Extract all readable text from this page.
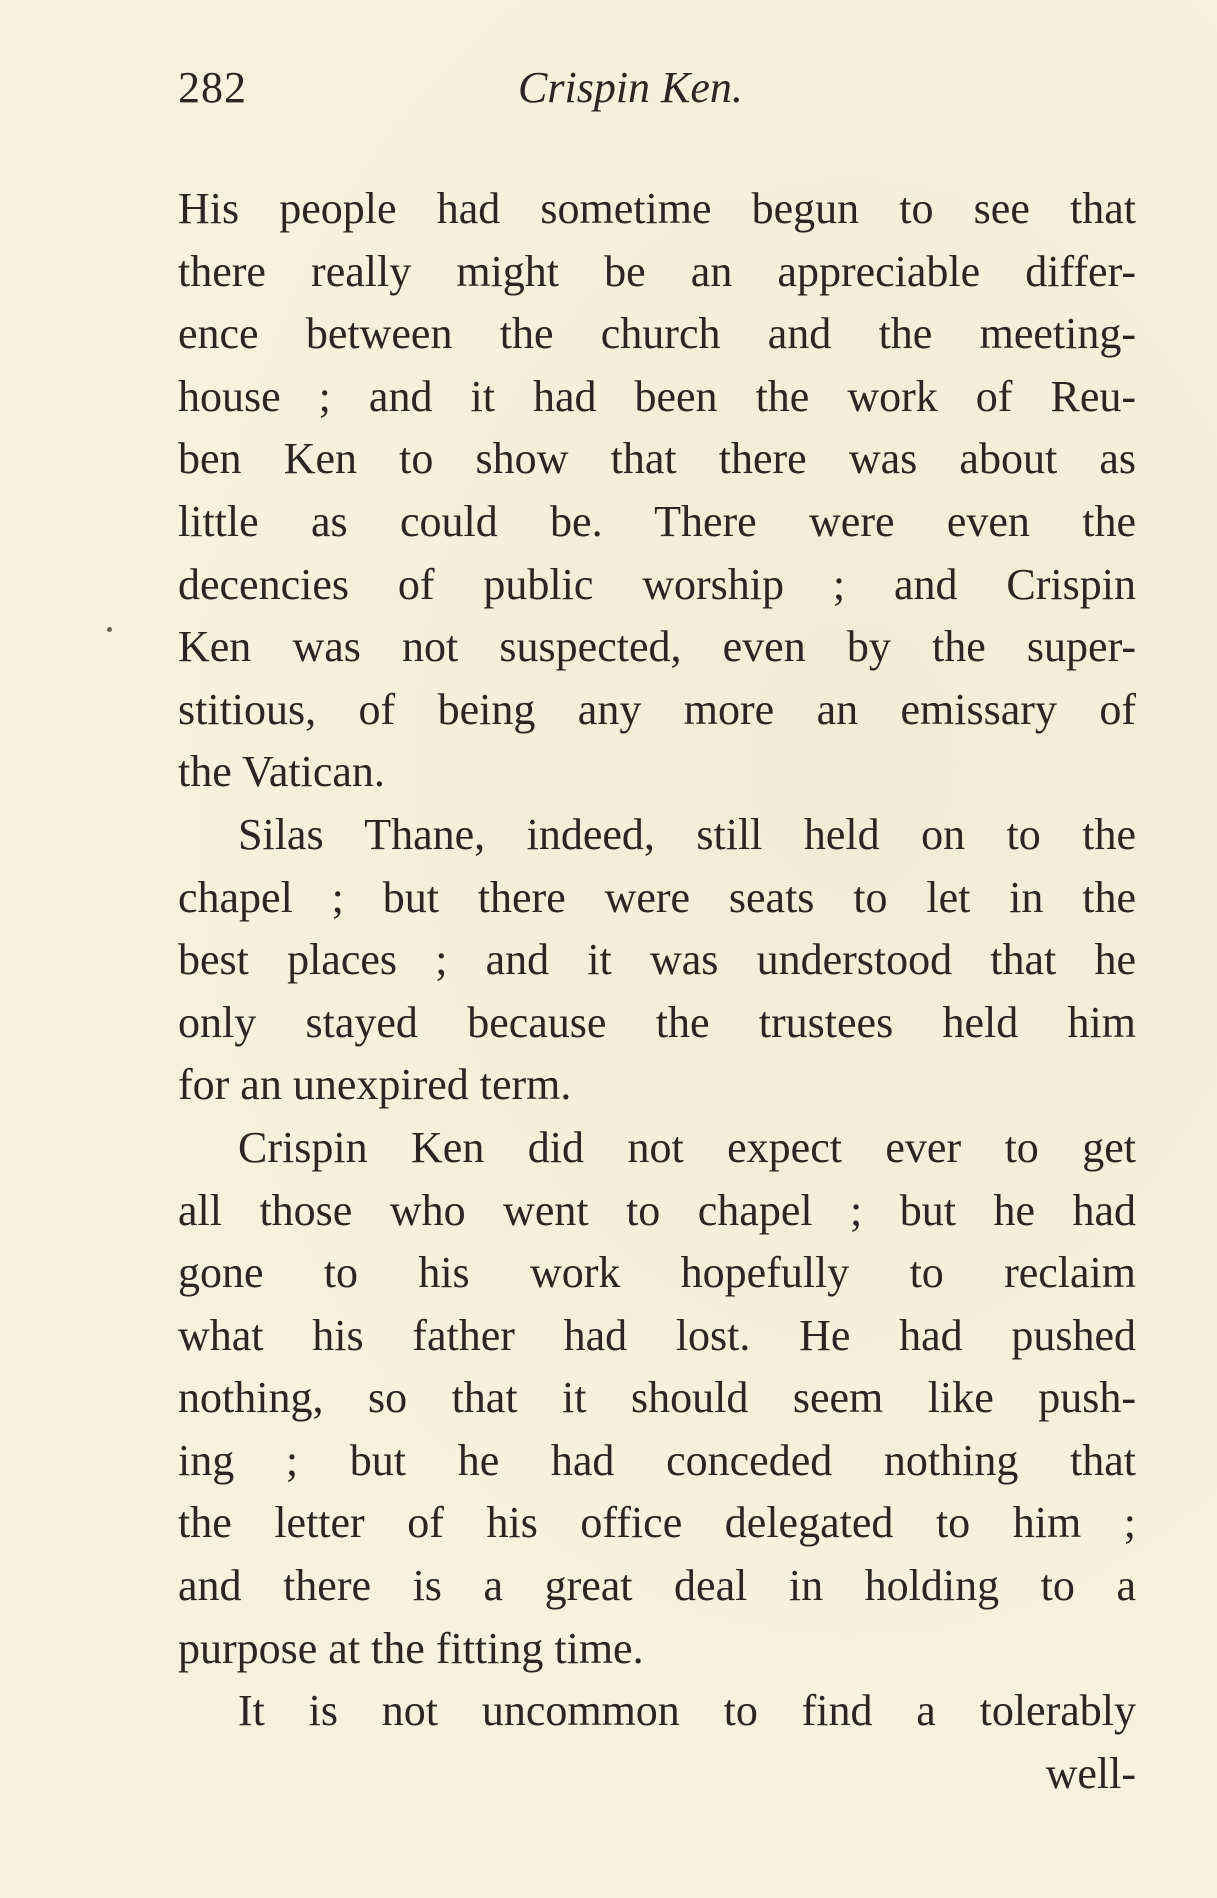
282	Crispin Ken.
His people had sometime begun to see that
there really might be an appreciable differ-
ence between the church and the meeting-
house ; and it had been the work of Reu-
ben Ken to show that there was about as
little as could be. There were even the
decencies of public worship ; and Crispin
Ken was not suspected, even by the super-
stitious, of being any more an emissary of
the Vatican.
Silas Thane, indeed, still held on to the
chapel ; but there were seats to let in the
best places ; and it was understood that he
only stayed because the trustees held him
for an unexpired term.
Crispin Ken did not expect ever to get
all those who went to chapel ; but he had
gone to his work hopefully to reclaim
what his father had lost. He had pushed
nothing, so that it should seem like push-
ing ; but he had conceded nothing that
the letter of his office delegated to him ;
and there is a great deal in holding to a
purpose at the fitting time.
It is not uncommon to find a tolerably
well-
